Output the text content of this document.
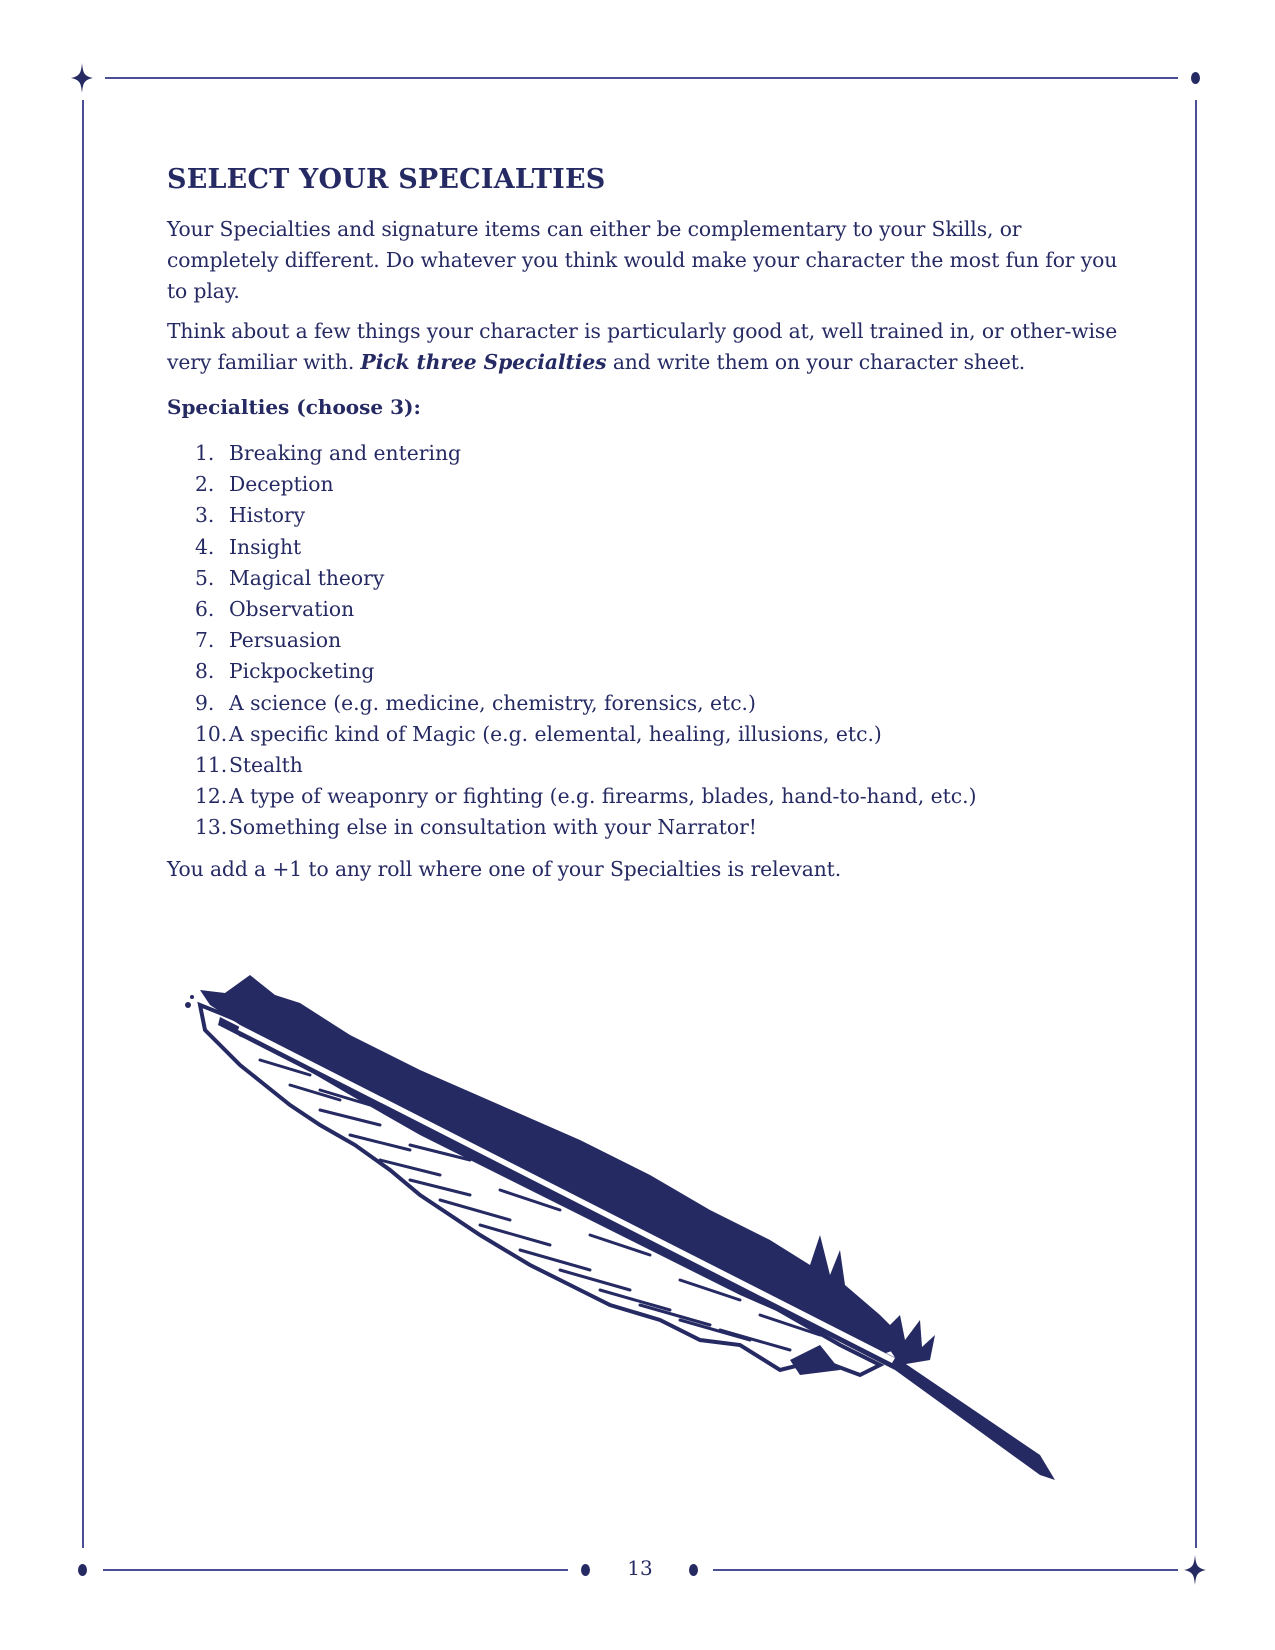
13
SELECT YOUR SPECIALTIES

Your Specialties and signature items can either be complementary to your Skills, or completely different. Do whatever you think would make your character the most fun for you to play.

Think about a few things your character is particularly good at, well trained in, or other-wise very familiar with. Pick three Specialties and write them on your character sheet.

Specialties (choose 3):
1. Breaking and entering
2. Deception
3. History
4. Insight
5. Magical theory
6. Observation
7. Persuasion
8. Pickpocketing
9. A science (e.g. medicine, chemistry, forensics, etc.)
10. A specific kind of Magic (e.g. elemental, healing, illusions, etc.)
11. Stealth
12. A type of weaponry or fighting (e.g. firearms, blades, hand-to-hand, etc.)
13. Something else in consultation with your Narrator!

You add a +1 to any roll where one of your Specialties is relevant.
